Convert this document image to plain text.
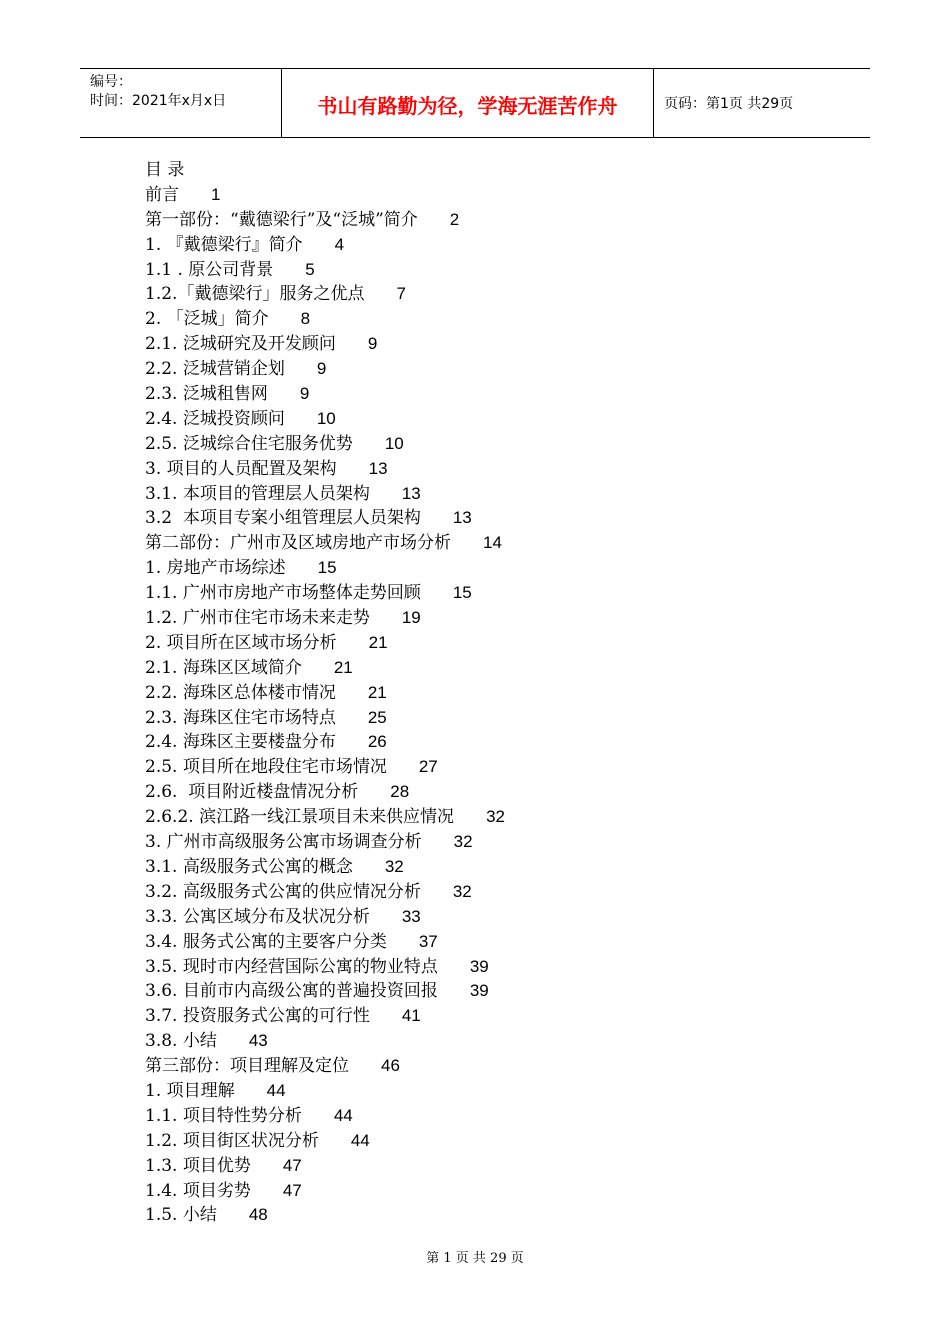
编号：
时间：2021年x月x日	书山有路勤为径，学海无涯苦作舟	页码：第1页 共29页
目 录
前言 1
第一部份：“戴德梁行”及“泛城”简介 2
1. 『戴德梁行』简介 4
1.1 . 原公司背景 5
1.2.「戴德梁行」服务之优点 7
2. 「泛城」简介 8
2.1. 泛城研究及开发顾问 9
2.2. 泛城营销企划 9
2.3. 泛城租售网 9
2.4. 泛城投资顾问 10
2.5. 泛城综合住宅服务优势 10
3. 项目的人员配置及架构 13
3.1. 本项目的管理层人员架构 13
3.2  本项目专案小组管理层人员架构 13
第二部份：广州市及区域房地产市场分析 14
1. 房地产市场综述 15
1.1. 广州市房地产市场整体走势回顾 15
1.2. 广州市住宅市场未来走势 19
2. 项目所在区域市场分析 21
2.1. 海珠区区域简介 21
2.2. 海珠区总体楼市情况 21
2.3. 海珠区住宅市场特点 25
2.4. 海珠区主要楼盘分布 26
2.5. 项目所在地段住宅市场情况 27
2.6.  项目附近楼盘情况分析 28
2.6.2. 滨江路一线江景项目未来供应情况 32
3. 广州市高级服务公寓市场调查分析 32
3.1. 高级服务式公寓的概念 32
3.2. 高级服务式公寓的供应情况分析 32
3.3. 公寓区域分布及状况分析 33
3.4. 服务式公寓的主要客户分类 37
3.5. 现时市内经营国际公寓的物业特点 39
3.6. 目前市内高级公寓的普遍投资回报 39
3.7. 投资服务式公寓的可行性 41
3.8. 小结 43
第三部份：项目理解及定位 46
1. 项目理解 44
1.1. 项目特性势分析 44
1.2. 项目街区状况分析 44
1.3. 项目优势 47
1.4. 项目劣势 47
1.5. 小结 48
第 1 页 共 29 页
